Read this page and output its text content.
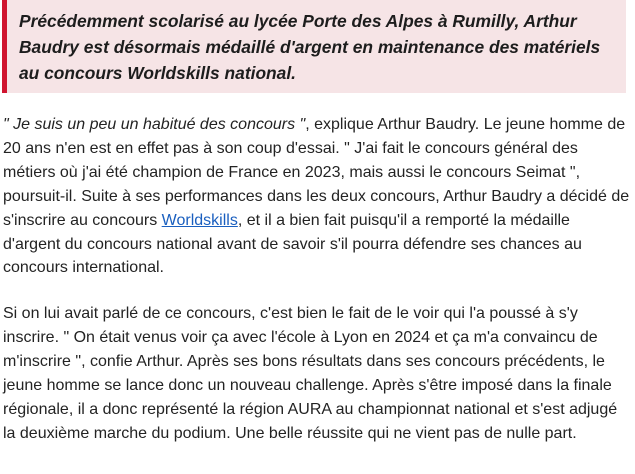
Précédemment scolarisé au lycée Porte des Alpes à Rumilly, Arthur Baudry est désormais médaillé d'argent en maintenance des matériels au concours Worldskills national.

" Je suis un peu un habitué des concours ", explique Arthur Baudry. Le jeune homme de 20 ans n'en est en effet pas à son coup d'essai. " J'ai fait le concours général des métiers où j'ai été champion de France en 2023, mais aussi le concours Seimat ", poursuit-il. Suite à ses performances dans les deux concours, Arthur Baudry a décidé de s'inscrire au concours Worldskills, et il a bien fait puisqu'il a remporté la médaille d'argent du concours national avant de savoir s'il pourra défendre ses chances au concours international.

Si on lui avait parlé de ce concours, c'est bien le fait de le voir qui l'a poussé à s'y inscrire. " On était venus voir ça avec l'école à Lyon en 2024 et ça m'a convaincu de m'inscrire ", confie Arthur. Après ses bons résultats dans ses concours précédents, le jeune homme se lance donc un nouveau challenge. Après s'être imposé dans la finale régionale, il a donc représenté la région AURA au championnat national et s'est adjugé la deuxième marche du podium. Une belle réussite qui ne vient pas de nulle part.
